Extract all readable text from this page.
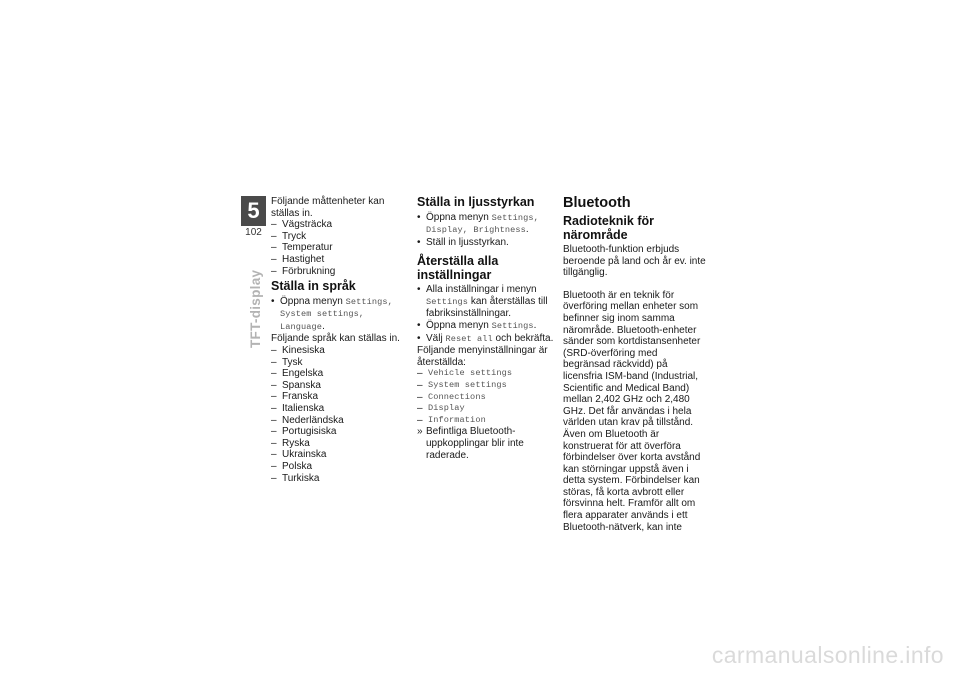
5
102
TFT-display

Följande måttenheter kan ställas in.

– Vägsträcka
– Tryck
– Temperatur
– Hastighet
– Förbrukning
Ställa in språk

• Öppna menyn Settings, System settings, Language.

Följande språk kan ställas in.

– Kinesiska
– Tysk
– Engelska
– Spanska
– Franska
– Italienska
– Nederländska
– Portugisiska
– Ryska
– Ukrainska
– Polska
– Turkiska
Ställa in ljusstyrkan

• Öppna menyn Settings, Display, Brightness.

• Ställ in ljusstyrkan.

Återställa alla inställningar

• Alla inställningar i menyn Settings kan återställas till fabriksinställningar.

• Öppna menyn Settings.

• Välj Reset all och bekräfta.

Följande menyinställningar är återställda:

– Vehicle settings
– System settings
– Connections
– Display
– Information

» Befintliga Bluetooth-uppkopplingar blir inte raderade.

Bluetooth
Radioteknik för närområde

Bluetooth-funktion erbjuds beroende på land och år ev. inte tillgänglig.

Bluetooth är en teknik för överföring mellan enheter som befinner sig inom samma närområde. Bluetooth-enheter sänder som kortdistansenheter (SRD-överföring med begränsad räckvidd) på licensfria ISM-band (Industrial, Scientific and Medical Band) mellan 2,402 GHz och 2,480 GHz. Det får användas i hela världen utan krav på tillstånd.

Även om Bluetooth är konstruerat för att överföra förbindelser över korta avstånd kan störningar uppstå även i detta system. Förbindelser kan störas, få korta avbrott eller försvinna helt. Framför allt om flera apparater används i ett Bluetooth-nätverk, kan inte

carmanualsonline.info
